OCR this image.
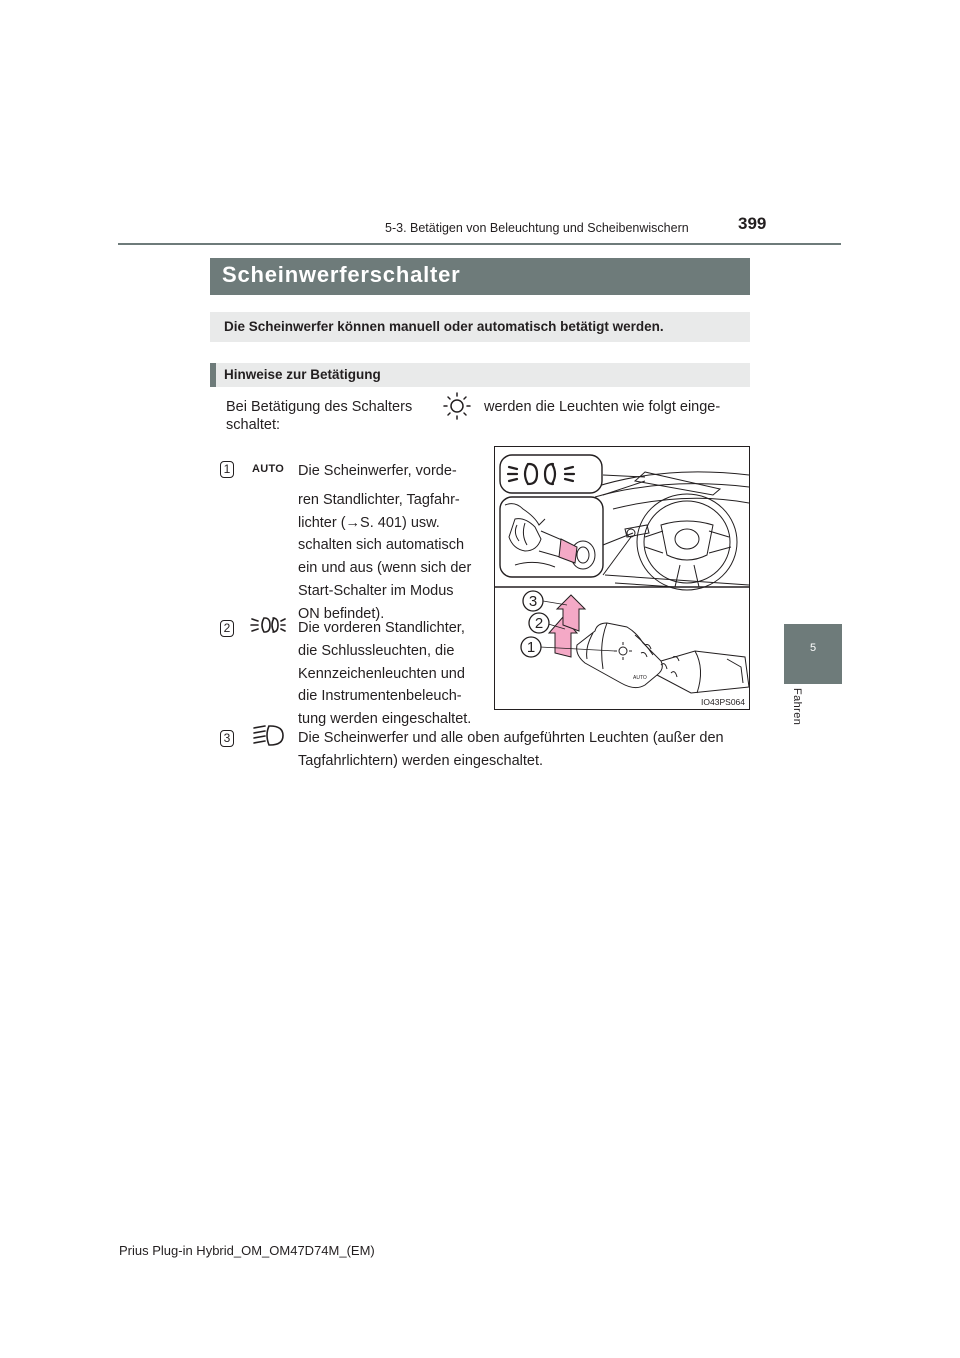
5-3. Betätigen von Beleuchtung und Scheibenwischern	399
5
Fahren
Scheinwerferschalter
Die Scheinwerfer können manuell oder automatisch betätigt werden.
Hinweise zur Betätigung
Bei Betätigung des Schalters	werden die Leuchten wie folgt einge-
schaltet:
1	AUTO Die Scheinwerfer, vorde-
ren Standlichter, Tagfahr-
lichter (→S. 401) usw.
schalten sich automatisch
ein und aus (wenn sich der
Start-Schalter im Modus
ON befindet).
2	Die vorderen Standlichter,
die Schlussleuchten, die
Kennzeichenleuchten und
die Instrumentenbeleuch-
tung werden eingeschaltet.
3	Die Scheinwerfer und alle oben aufgeführten Leuchten (außer den
Tagfahrlichtern) werden eingeschaltet.
AUTO
3
2
1
IO43PS064
Prius Plug-in Hybrid_OM_OM47D74M_(EM)
